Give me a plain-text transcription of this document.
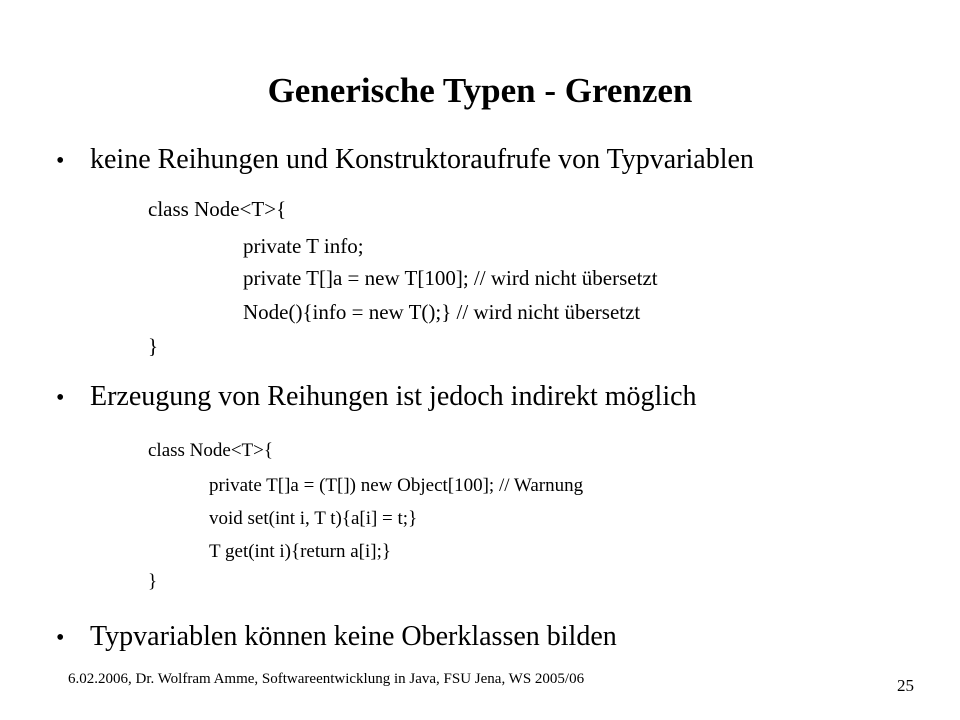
Generische Typen - Grenzen
• keine Reihungen und Konstruktoraufrufe von Typvariablen
class Node<T>{
private T info;
private T[]a = new T[100]; // wird nicht übersetzt
Node(){info = new T();} // wird nicht übersetzt
}
• Erzeugung von Reihungen ist jedoch indirekt möglich
class Node<T>{
private T[]a = (T[]) new Object[100]; // Warnung
void set(int i, T t){a[i] = t;}
T get(int i){return a[i];}
}
• Typvariablen können keine Oberklassen bilden
6.02.2006, Dr. Wolfram Amme, Softwareentwicklung in Java, FSU Jena, WS 2005/06	25
